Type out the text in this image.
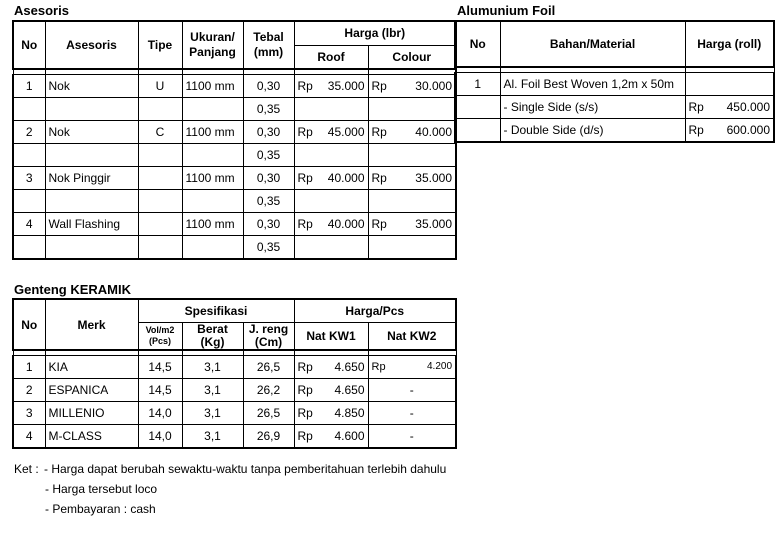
Asesoris
No	Asesoris	Tipe	Ukuran/ Panjang	Tebal (mm)	Harga (lbr)	
					Roof	Colour

1	Nok	U	1100 mm	0,30	Rp 35.000	Rp 30.000

				0,35	

2	Nok	C	1100 mm	0,30	Rp 45.000	Rp 40.000

				0,35	

3	Nok Pinggir		1100 mm	0,30	Rp 40.000	Rp 35.000

				0,35	

4	Wall Flashing		1100 mm	0,30	Rp 40.000	Rp 35.000

				0,35	

Alumunium Foil
No	Bahan/Material	Harga (roll)

1	Al. Foil Best Woven 1,2m x 50m	

	- Single Side (s/s)	Rp 450.000

	- Double Side (d/s)	Rp 600.000
Genteng KERAMIK
No	Merk	Spesifikasi			Harga/Pcs	
		Vol/m2 (Pcs)	Berat (Kg)	J. reng (Cm)	Nat KW1	Nat KW2

1	KIA	14,5	3,1	26,5	Rp 4.650	Rp 4.200

2	ESPANICA	14,5	3,1	26,2	Rp 4.650	-
3	MILLENIO	14,0	3,1	26,5	Rp 4.850	-
4	M-CLASS	14,0	3,1	26,9	Rp 4.600	-
Ket : - Harga dapat berubah sewaktu-waktu tanpa pemberitahuan terlebih dahulu
- Harga tersebut loco
- Pembayaran : cash
